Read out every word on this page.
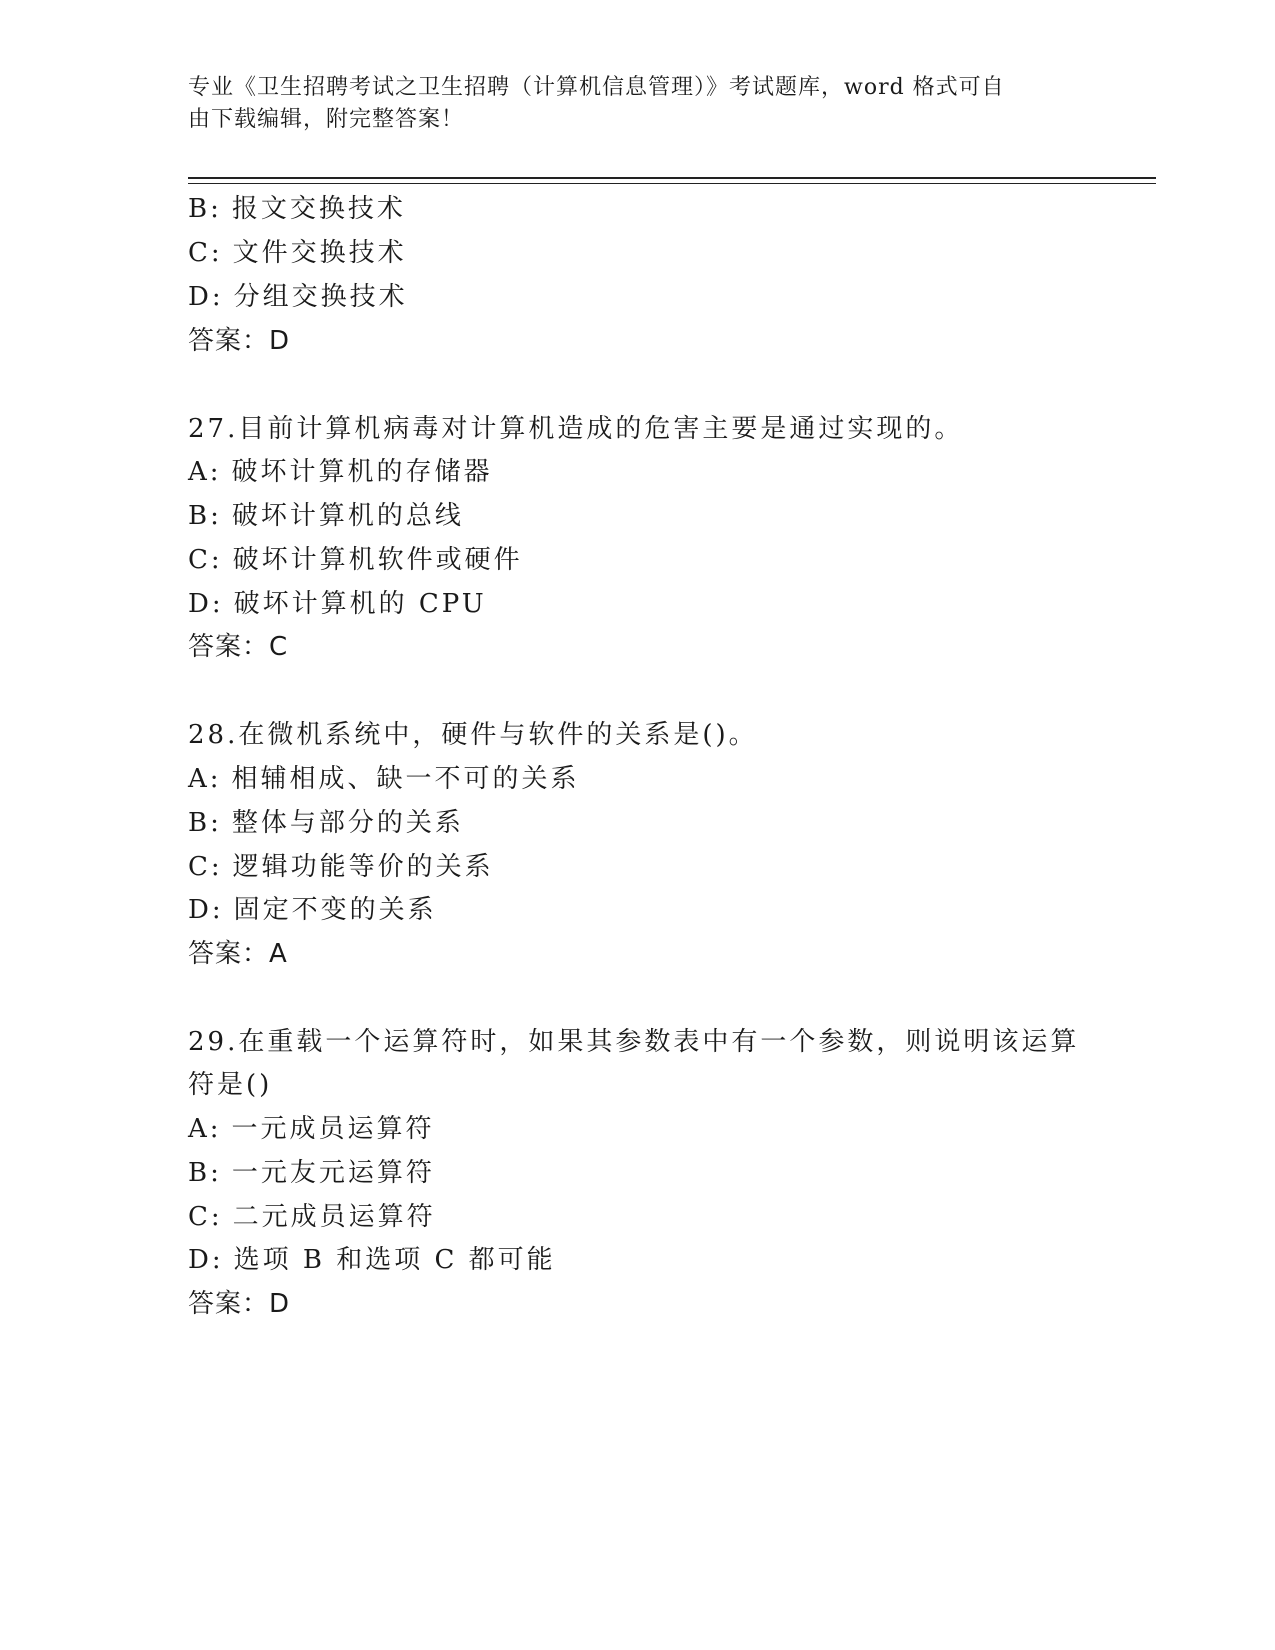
专业《卫生招聘考试之卫生招聘（计算机信息管理）》考试题库，word 格式可自
由下载编辑，附完整答案！
B: 报文交换技术
C: 文件交换技术
D: 分组交换技术
答案：D
27.目前计算机病毒对计算机造成的危害主要是通过实现的。
A: 破坏计算机的存储器
B: 破坏计算机的总线
C: 破坏计算机软件或硬件
D: 破坏计算机的 CPU
答案：C
28.在微机系统中，硬件与软件的关系是()。
A: 相辅相成、缺一不可的关系
B: 整体与部分的关系
C: 逻辑功能等价的关系
D: 固定不变的关系
答案：A
29.在重载一个运算符时，如果其参数表中有一个参数，则说明该运算
符是()
A: 一元成员运算符
B: 一元友元运算符
C: 二元成员运算符
D: 选项 B 和选项 C 都可能
答案：D
